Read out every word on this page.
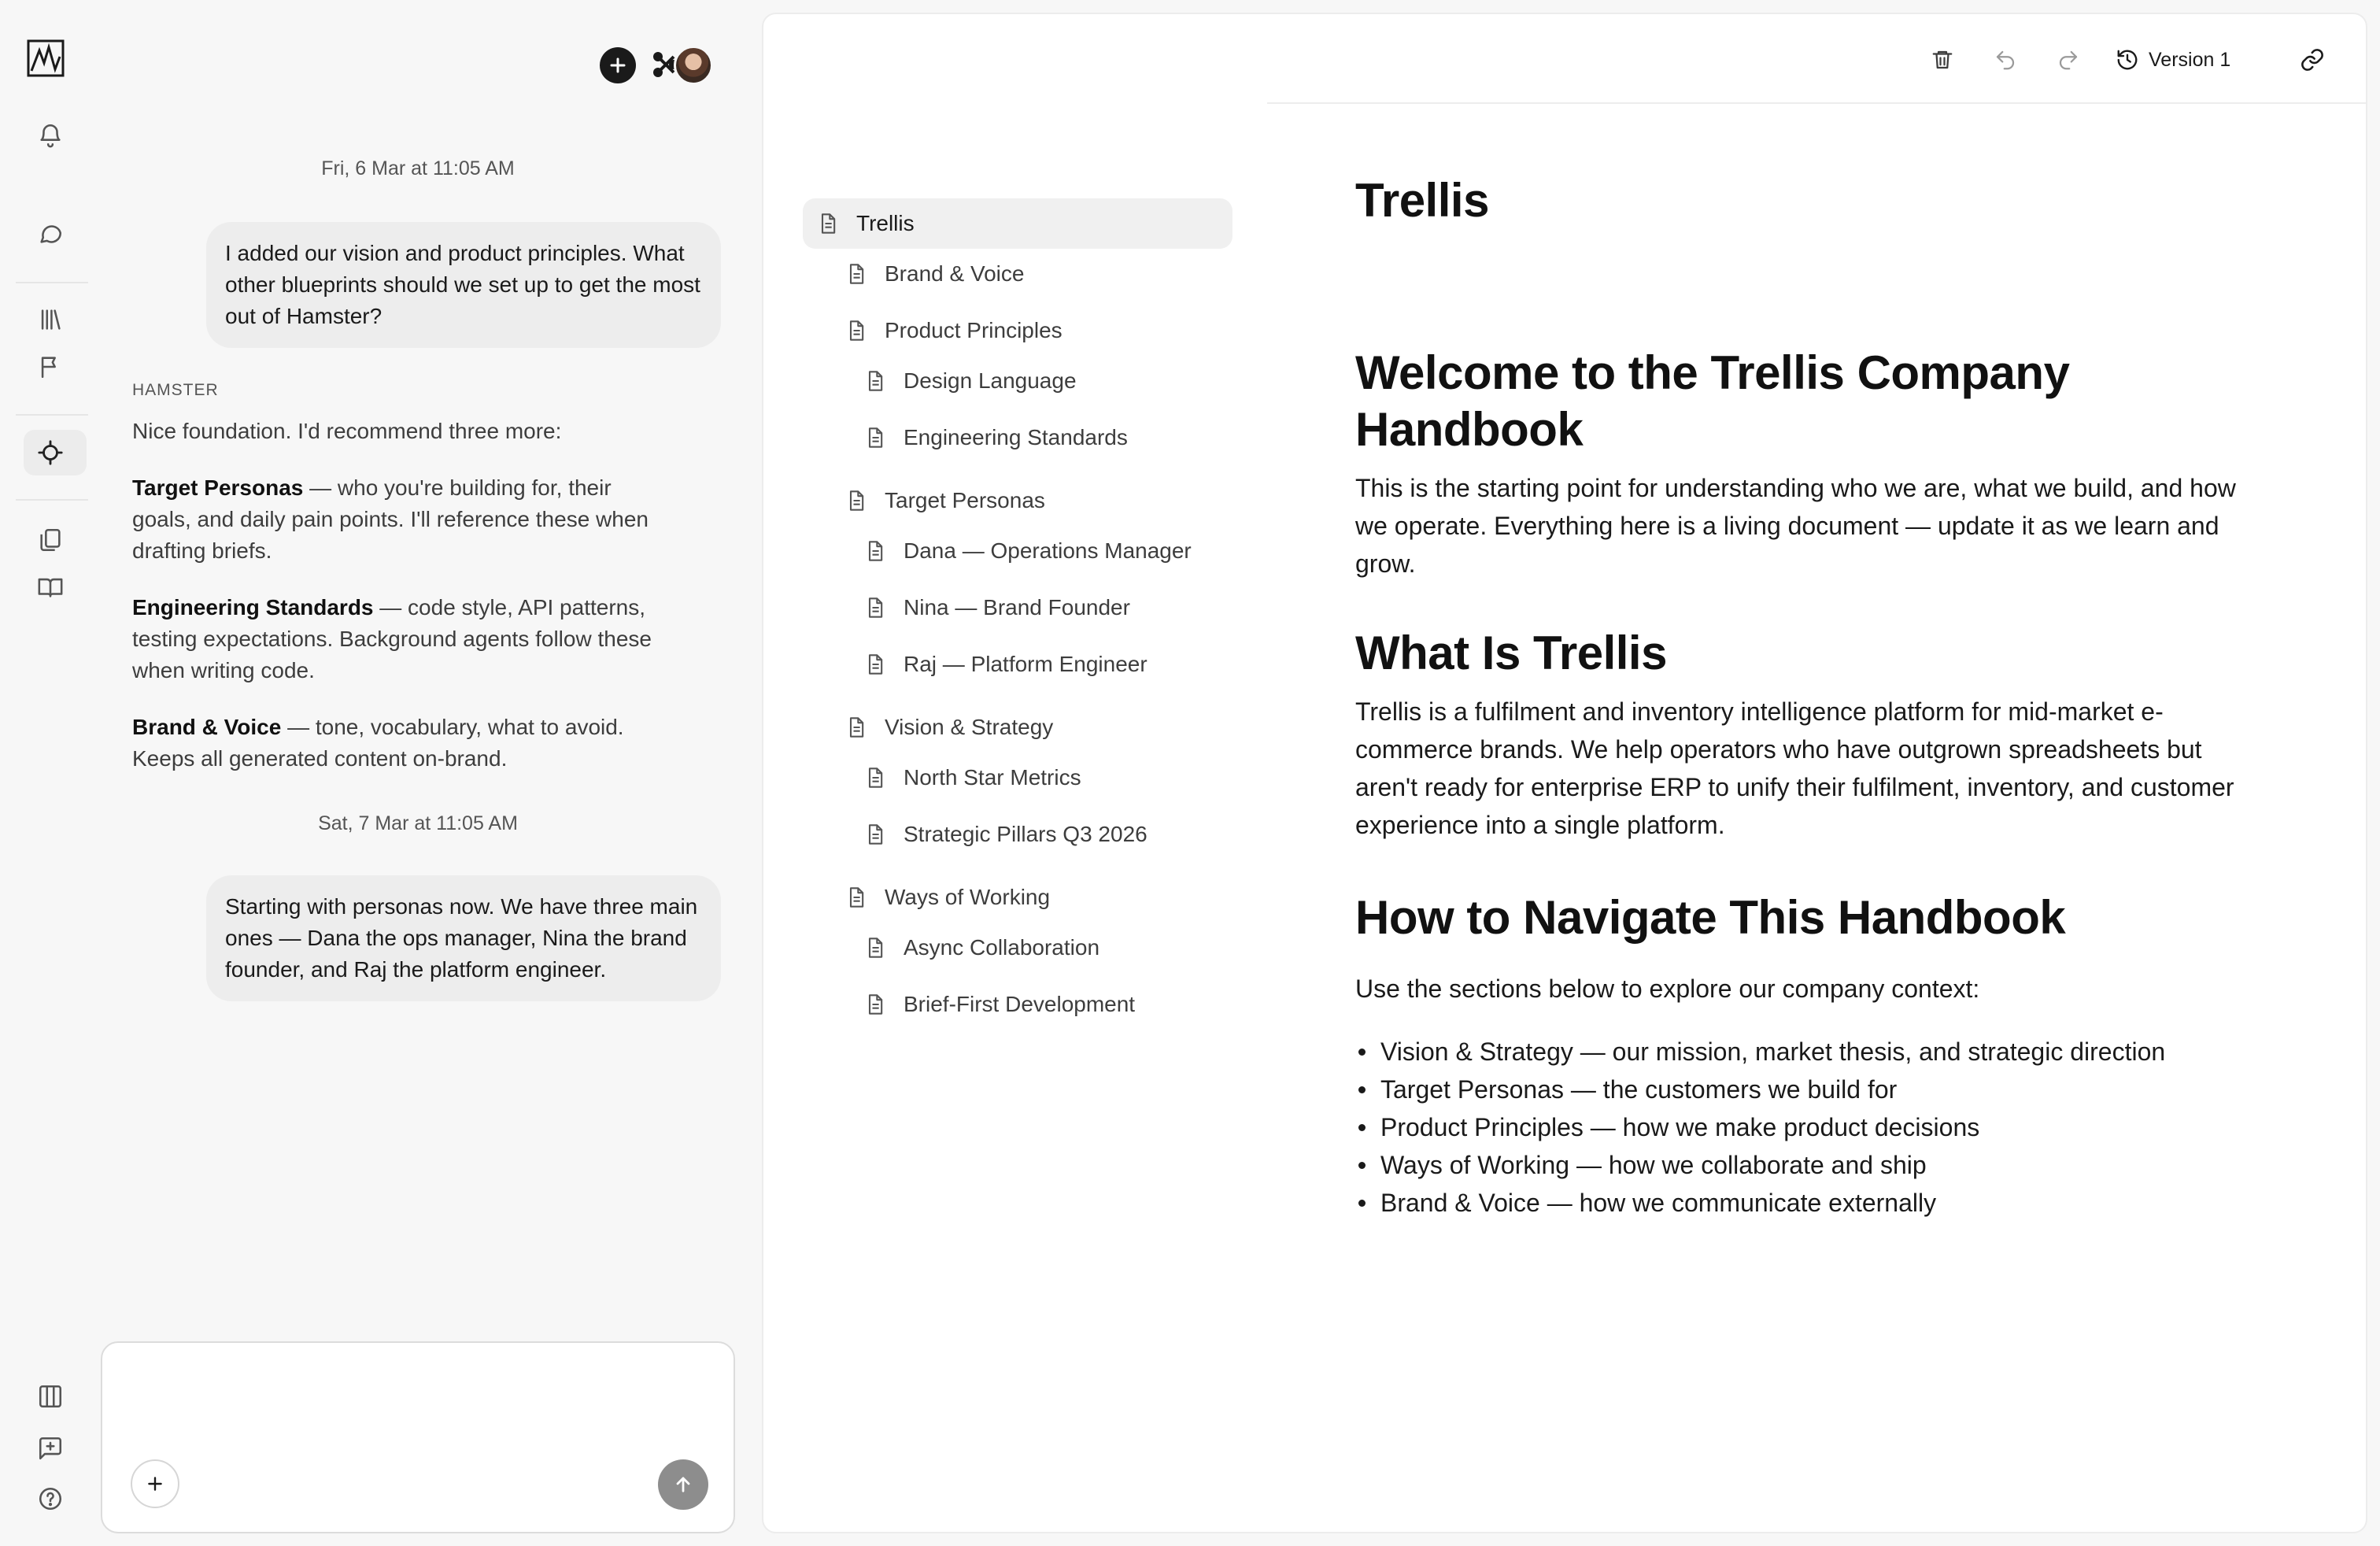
Fri, 6 Mar at 11:05 AM
I added our vision and product principles. What other blueprints should we set up to get the most out of Hamster?
HAMSTER
Nice foundation. I'd recommend three more:
Target Personas — who you're building for, their goals, and daily pain points. I'll reference these when drafting briefs.
Engineering Standards — code style, API patterns, testing expectations. Background agents follow these when writing code.
Brand & Voice — tone, vocabulary, what to avoid. Keeps all generated content on-brand.
Sat, 7 Mar at 11:05 AM
Starting with personas now. We have three main ones — Dana the ops manager, Nina the brand founder, and Raj the platform engineer.
Version 1
Trellis
Brand & Voice
Product Principles
Design Language
Engineering Standards
Target Personas
Dana — Operations Manager
Nina — Brand Founder
Raj — Platform Engineer
Vision & Strategy
North Star Metrics
Strategic Pillars Q3 2026
Ways of Working
Async Collaboration
Brief-First Development
Trellis
Welcome to the Trellis Company Handbook

This is the starting point for understanding who we are, what we build, and how we operate. Everything here is a living document — update it as we learn and grow.

What Is Trellis

Trellis is a fulfilment and inventory intelligence platform for mid-market e-commerce brands. We help operators who have outgrown spreadsheets but aren't ready for enterprise ERP to unify their fulfilment, inventory, and customer experience into a single platform.

How to Navigate This Handbook

Use the sections below to explore our company context:

Vision & Strategy — our mission, market thesis, and strategic direction
Target Personas — the customers we build for
Product Principles — how we make product decisions
Ways of Working — how we collaborate and ship
Brand & Voice — how we communicate externally
